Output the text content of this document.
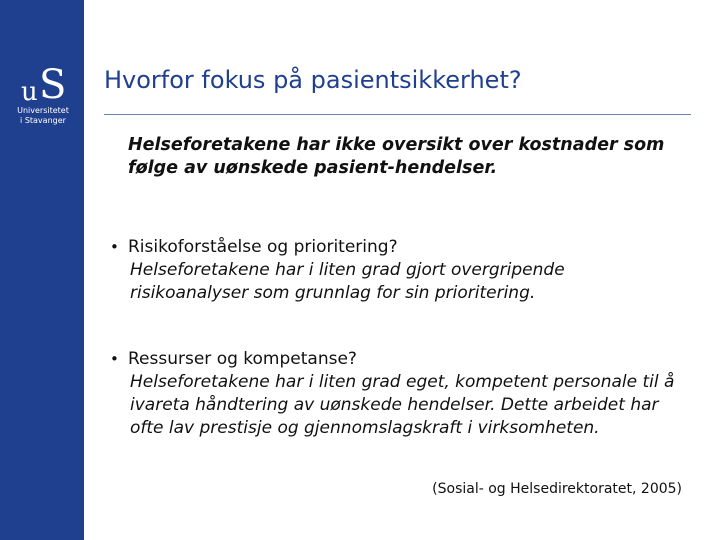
u S
Universitetet
i Stavanger
Hvorfor fokus på pasientsikkerhet?
Helseforetakene har ikke oversikt over kostnader som følge av uønskede pasient-hendelser.
• Risikoforståelse og prioritering?
Helseforetakene har i liten grad gjort overgripende risikoanalyser som grunnlag for sin prioritering.
• Ressurser og kompetanse?
Helseforetakene har i liten grad eget, kompetent personale til å ivareta håndtering av uønskede hendelser. Dette arbeidet har ofte lav prestisje og gjennomslagskraft i virksomheten.
(Sosial- og Helsedirektoratet, 2005)
